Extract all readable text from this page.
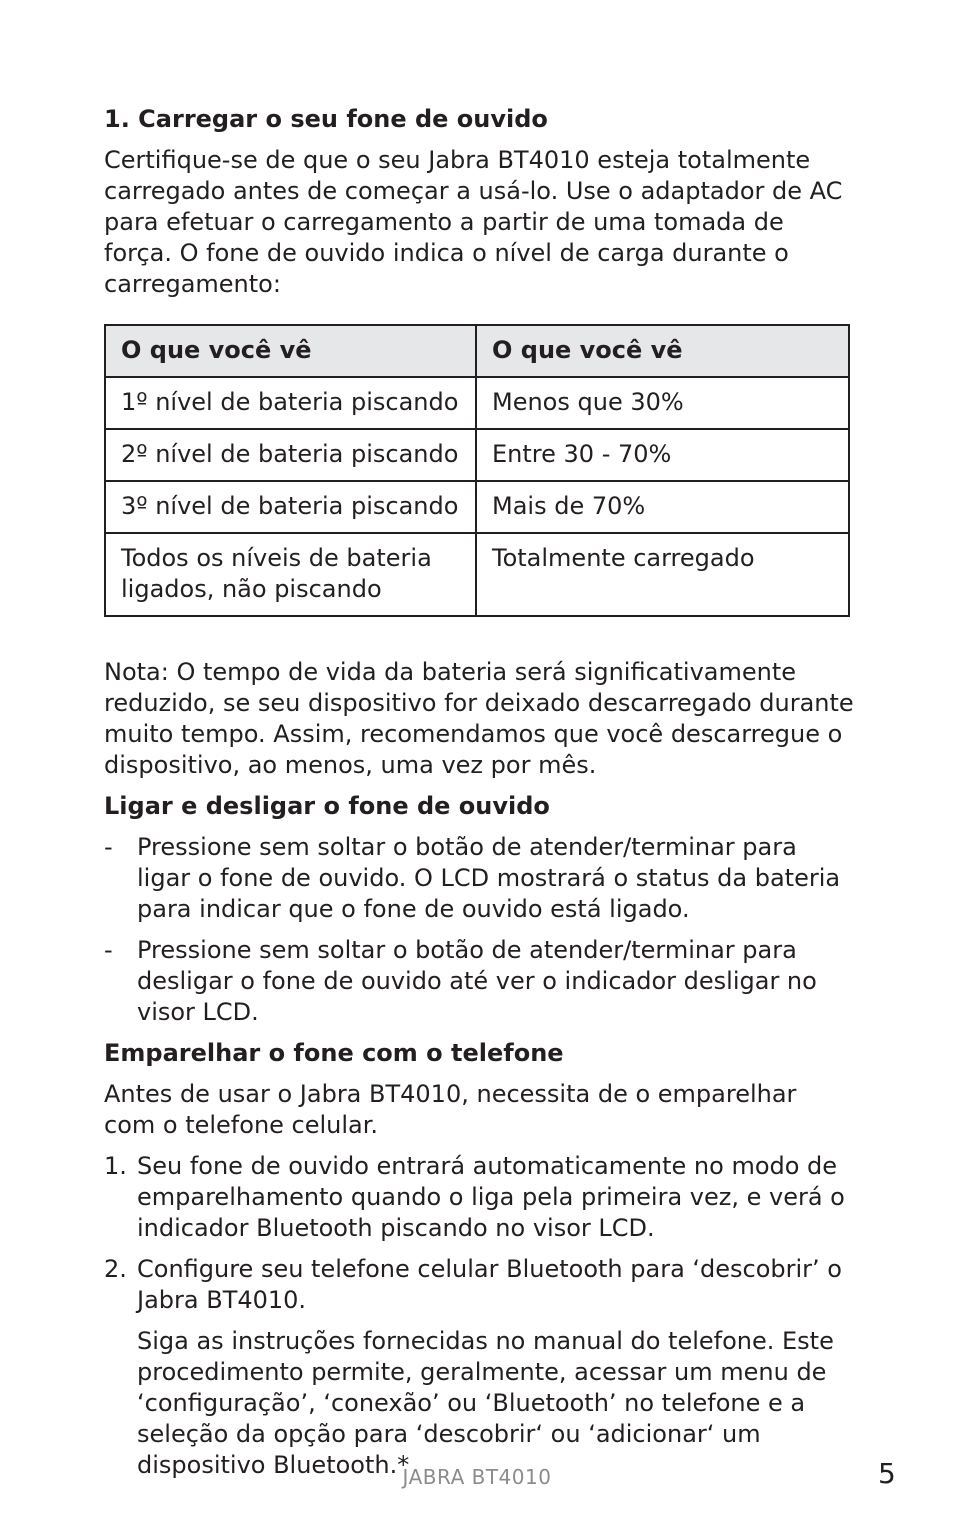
1. Carregar o seu fone de ouvido

Certifique-se de que o seu Jabra BT4010 esteja totalmente carregado antes de começar a usá-lo. Use o adaptador de AC para efetuar o carregamento a partir de uma tomada de força. O fone de ouvido indica o nível de carga durante o carregamento:

O que você vê	O que você vê
1º nível de bateria piscando	Menos que 30%
2º nível de bateria piscando	Entre 30 - 70%
3º nível de bateria piscando	Mais de 70%
Todos os níveis de bateria ligados, não piscando	Totalmente carregado

Nota: O tempo de vida da bateria será significativamente reduzido, se seu dispositivo for deixado descarregado durante muito tempo. Assim, recomendamos que você descarregue o dispositivo, ao menos, uma vez por mês.

Ligar e desligar o fone de ouvido
- Pressione sem soltar o botão de atender/terminar para ligar o fone de ouvido. O LCD mostrará o status da bateria para indicar que o fone de ouvido está ligado.
- Pressione sem soltar o botão de atender/terminar para desligar o fone de ouvido até ver o indicador desligar no visor LCD.
Emparelhar o fone com o telefone

Antes de usar o Jabra BT4010, necessita de o emparelhar com o telefone celular.

1. Seu fone de ouvido entrará automaticamente no modo de emparelhamento quando o liga pela primeira vez, e verá o indicador Bluetooth piscando no visor LCD.
2. Configure seu telefone celular Bluetooth para ‘descobrir’ o Jabra BT4010.

Siga as instruções fornecidas no manual do telefone. Este procedimento permite, geralmente, acessar um menu de ‘configuração’, ‘conexão’ ou ‘Bluetooth’ no telefone e a seleção da opção para ‘descobrir‘ ou ‘adicionar‘ um dispositivo Bluetooth.*

JABRA BT4010	5
